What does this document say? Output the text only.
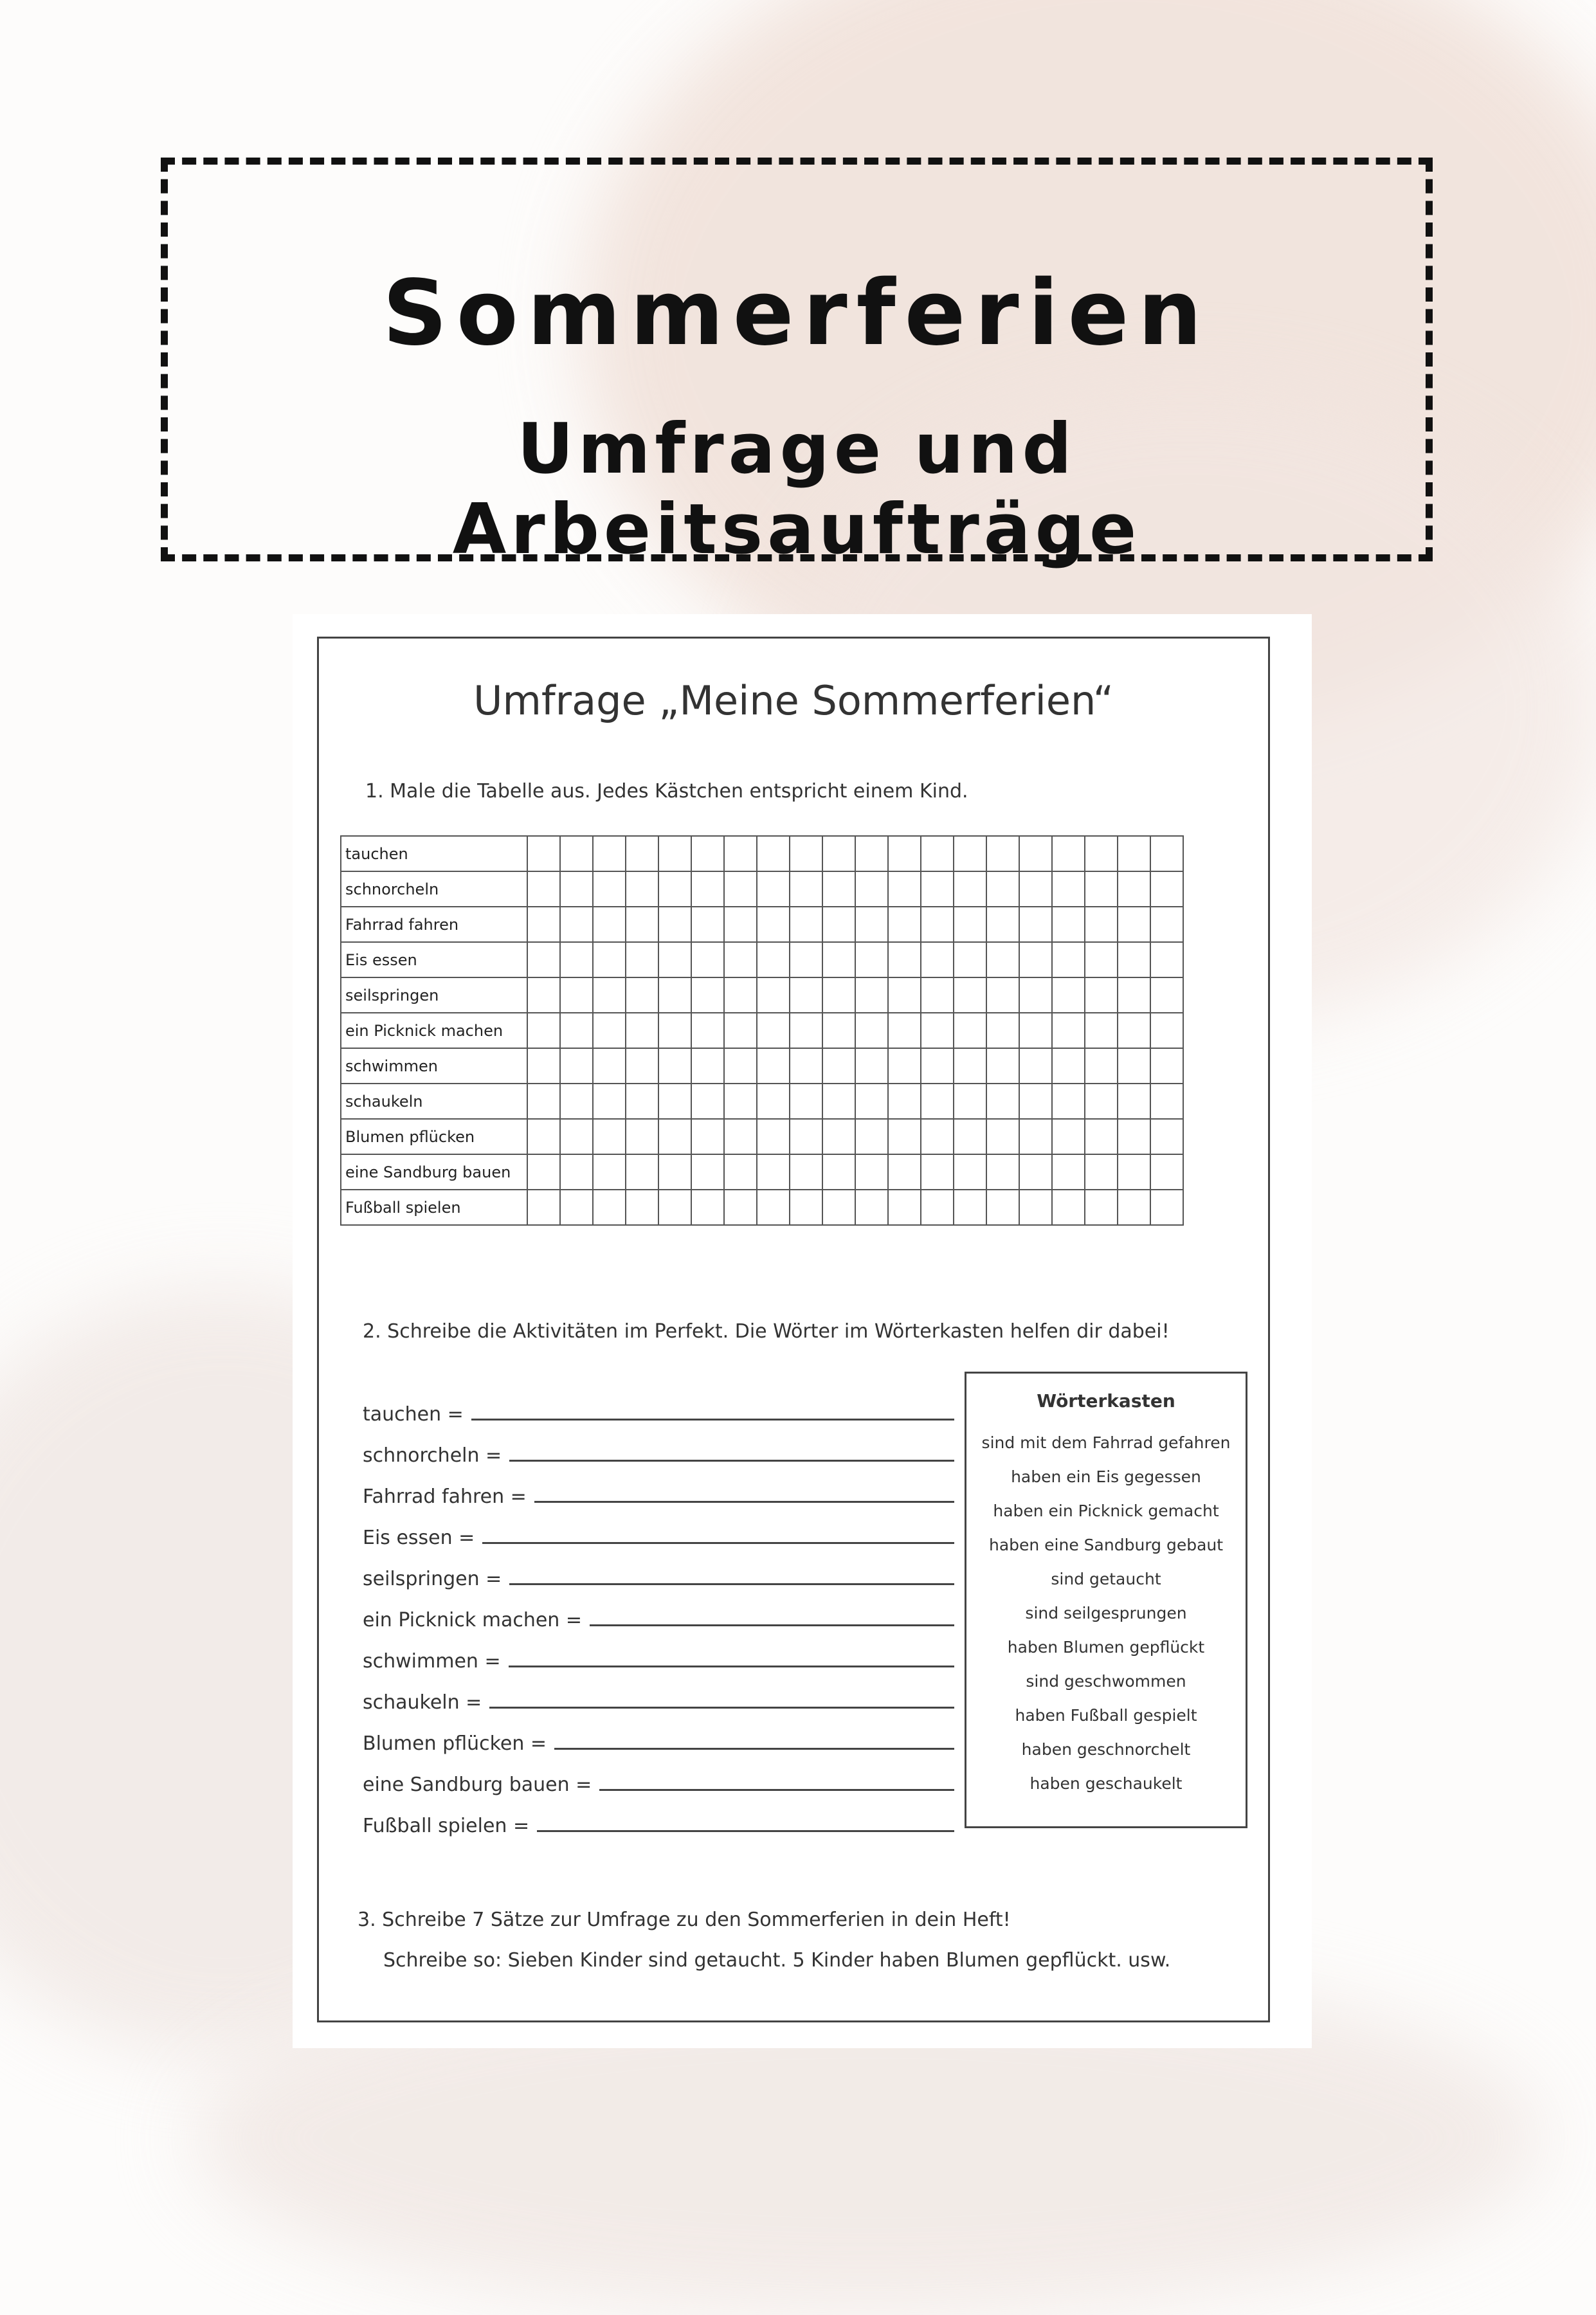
Sommerferien
Umfrage und Arbeitsaufträge
Umfrage „Meine Sommerferien“
1. Male die Tabelle aus. Jedes Kästchen entspricht einem Kind.
tauchen																				
schnorcheln																				
Fahrrad fahren																				
Eis essen																				
seilspringen																				
ein Picknick machen																				
schwimmen																				
schaukeln																				
Blumen pflücken																				
eine Sandburg bauen																				
Fußball spielen																				
2. Schreibe die Aktivitäten im Perfekt. Die Wörter im Wörterkasten helfen dir dabei!
tauchen =
schnorcheln =
Fahrrad fahren =
Eis essen =
seilspringen =
ein Picknick machen =
schwimmen =
schaukeln =
Blumen pflücken =
eine Sandburg bauen =
Fußball spielen =
Wörterkasten
sind mit dem Fahrrad gefahren
haben ein Eis gegessen
haben ein Picknick gemacht
haben eine Sandburg gebaut
sind getaucht
sind seilgesprungen
haben Blumen gepflückt
sind geschwommen
haben Fußball gespielt
haben geschnorchelt
haben geschaukelt
3. Schreibe 7 Sätze zur Umfrage zu den Sommerferien in dein Heft!
Schreibe so: Sieben Kinder sind getaucht. 5 Kinder haben Blumen gepflückt. usw.
